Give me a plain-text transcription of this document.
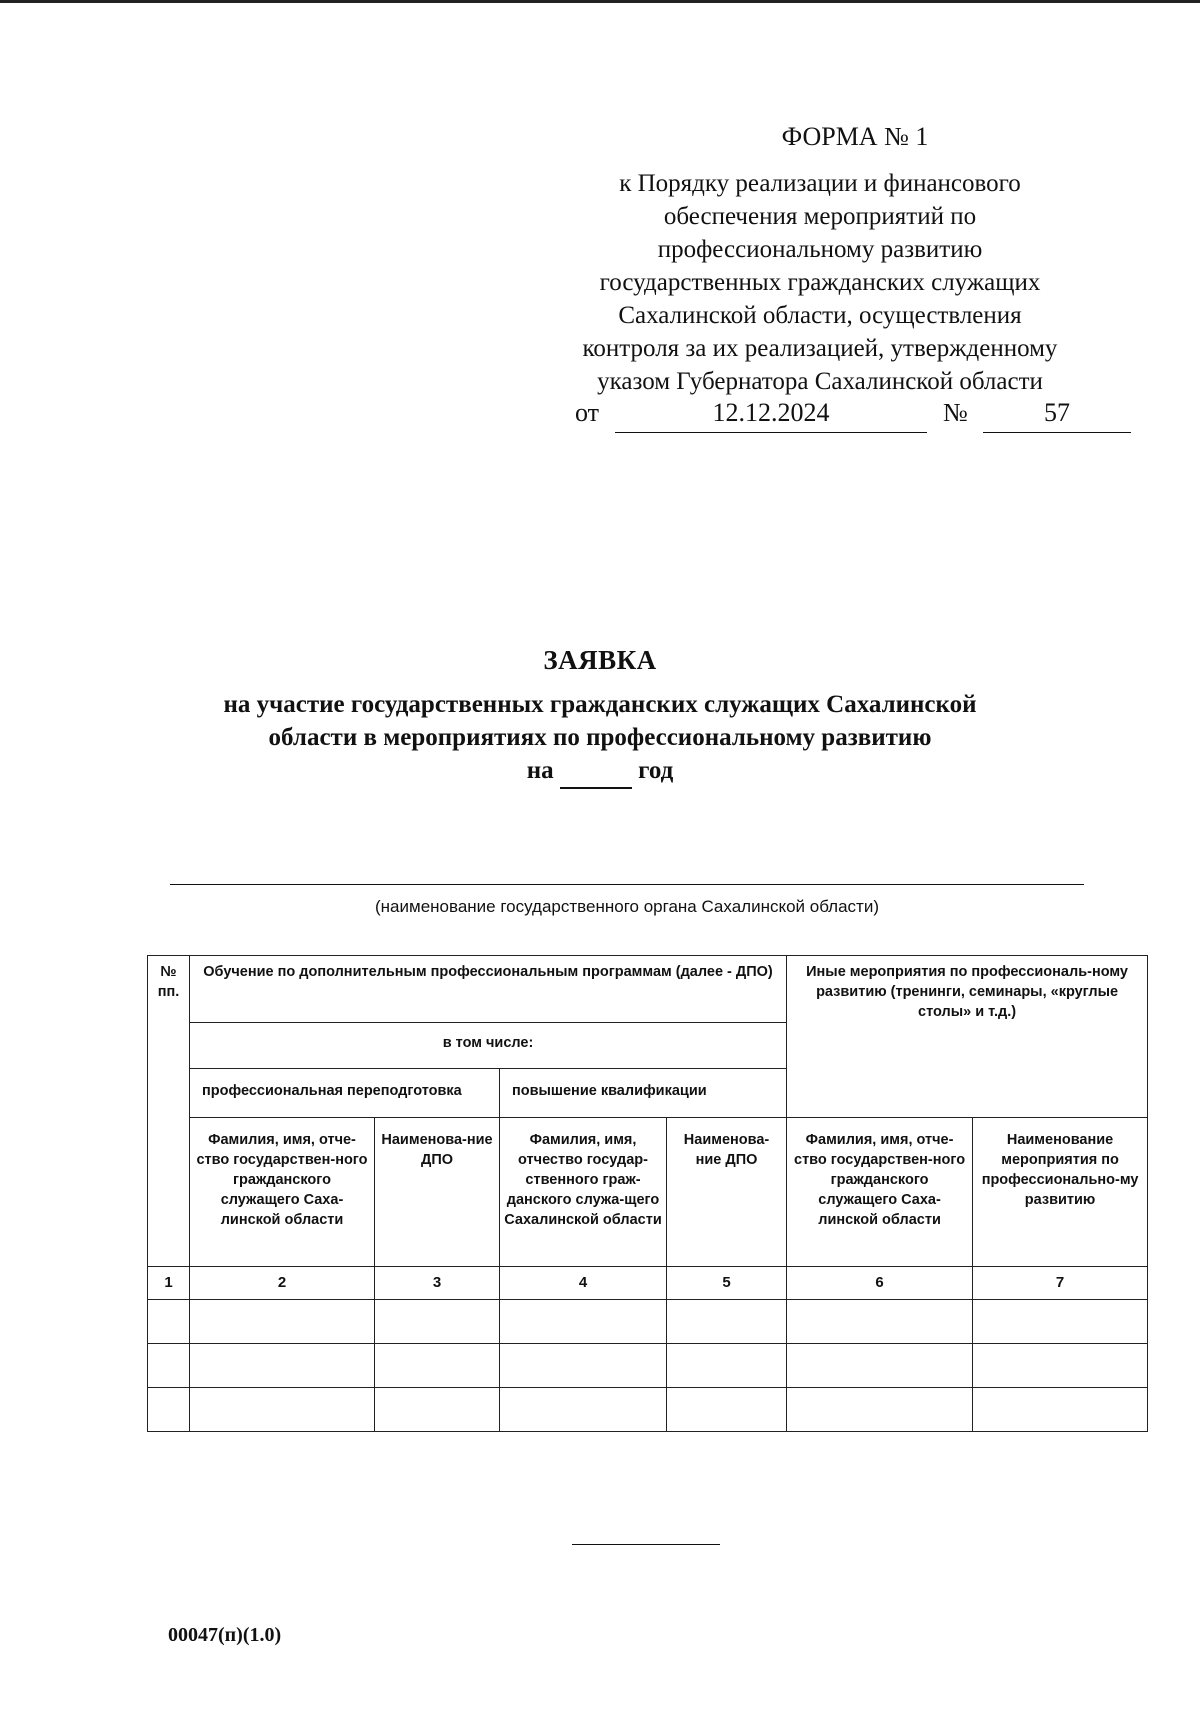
ФОРМА № 1
к Порядку реализации и финансового
обеспечения мероприятий по
профессиональному развитию
государственных гражданских служащих
Сахалинской области, осуществления
контроля за их реализацией, утвержденному
указом Губернатора Сахалинской области
от	12.12.2024	№	57
ЗАЯВКА
на участие государственных гражданских служащих Сахалинской
области в мероприятиях по профессиональному развитию
на	год
(наименование государственного органа Сахалинской области)
№ пп.	Обучение по дополнительным профессиональным программам (далее - ДПО)				Иные мероприятия по профессиональ-ному развитию (тренинги, семинары, «круглые столы» и т.д.)	
	в том числе:					
	профессиональная переподготовка		повышение квалификации			
	Фамилия, имя, отче-ство государствен-ного гражданского служащего Саха-линской области	Наименова-ние ДПО	Фамилия, имя, отчество государ-ственного граж-данского служа-щего Сахалинской области	Наименова-ние ДПО	Фамилия, имя, отче-ство государствен-ного гражданского служащего Саха-линской области	Наименование мероприятия по профессионально-му развитию
1	2	3	4	5	6	7

00047(п)(1.0)
